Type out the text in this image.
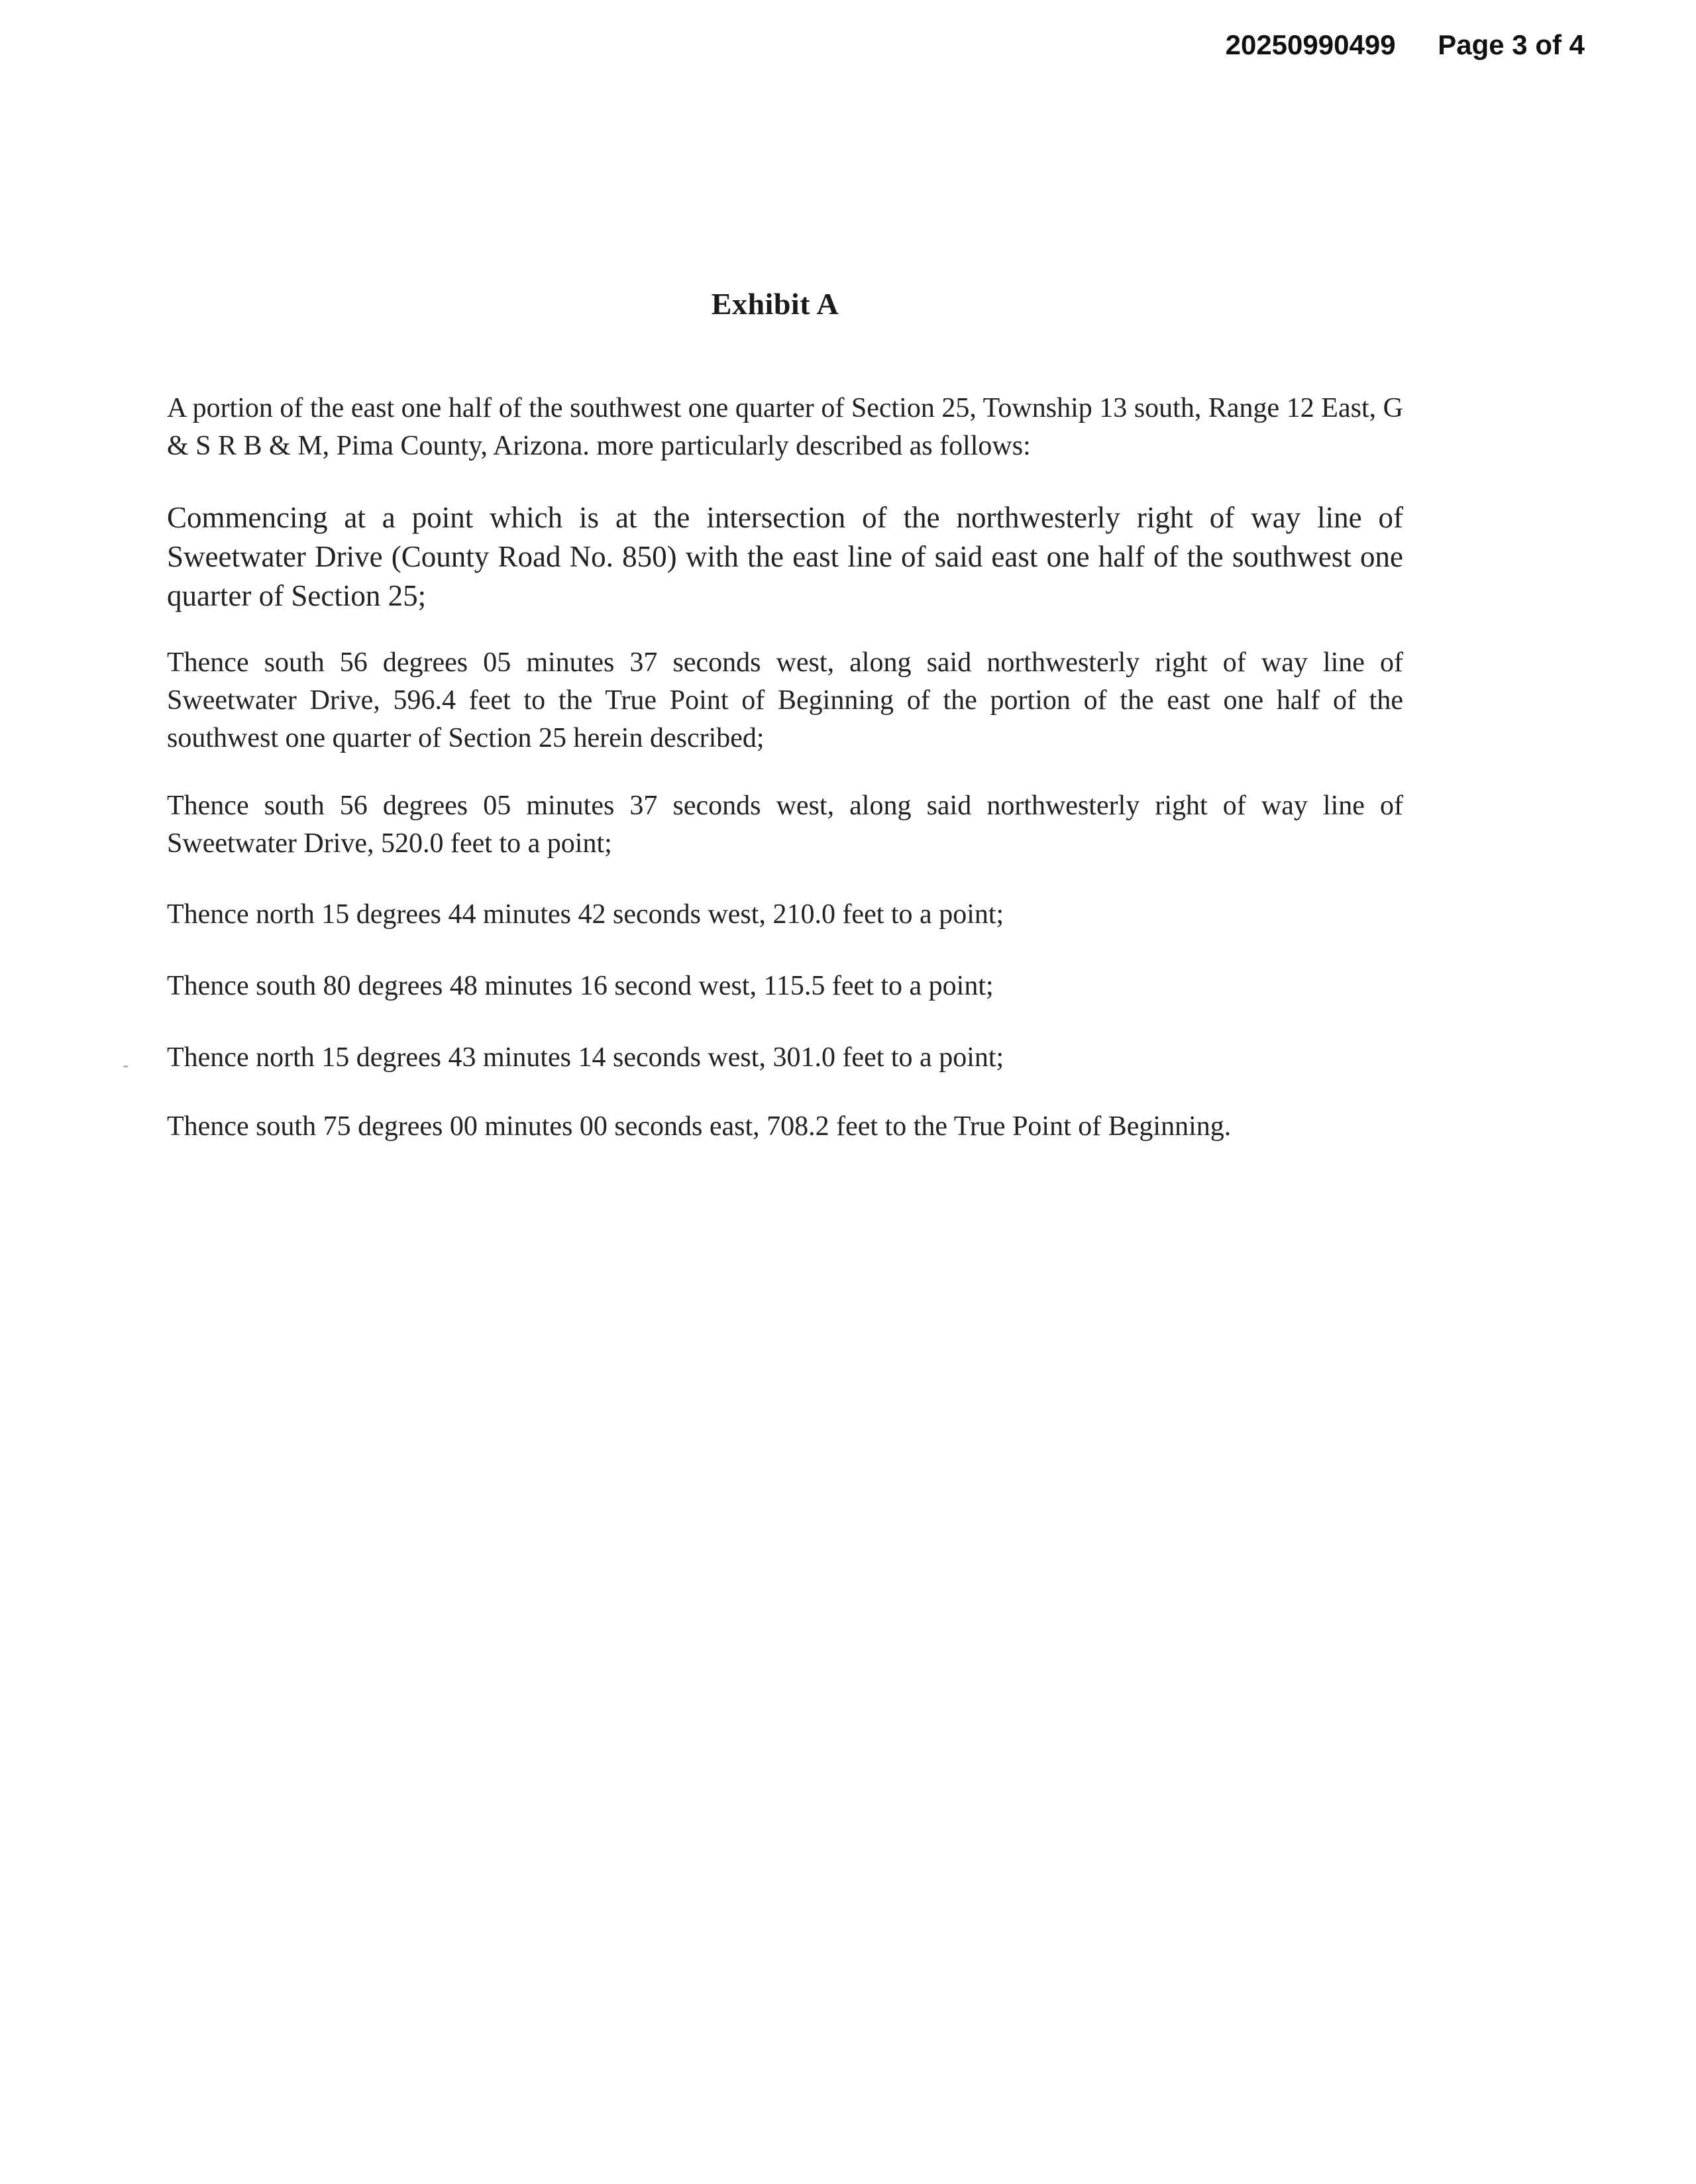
20250990499 Page 3 of 4
Exhibit A

A portion of the east one half of the southwest one quarter of Section 25, Township 13 south, Range 12 East, G & S R B & M, Pima County, Arizona. more particularly described as follows:

Commencing at a point which is at the intersection of the northwesterly right of way line of Sweetwater Drive (County Road No. 850) with the east line of said east one half of the southwest one quarter of Section 25;

Thence south 56 degrees 05 minutes 37 seconds west, along said northwesterly right of way line of Sweetwater Drive, 596.4 feet to the True Point of Beginning of the portion of the east one half of the southwest one quarter of Section 25 herein described;

Thence south 56 degrees 05 minutes 37 seconds west, along said northwesterly right of way line of Sweetwater Drive, 520.0 feet to a point;

Thence north 15 degrees 44 minutes 42 seconds west, 210.0 feet to a point;

Thence south 80 degrees 48 minutes 16 second west, 115.5 feet to a point;

Thence north 15 degrees 43 minutes 14 seconds west, 301.0 feet to a point;

Thence south 75 degrees 00 minutes 00 seconds east, 708.2 feet to the True Point of Beginning.
